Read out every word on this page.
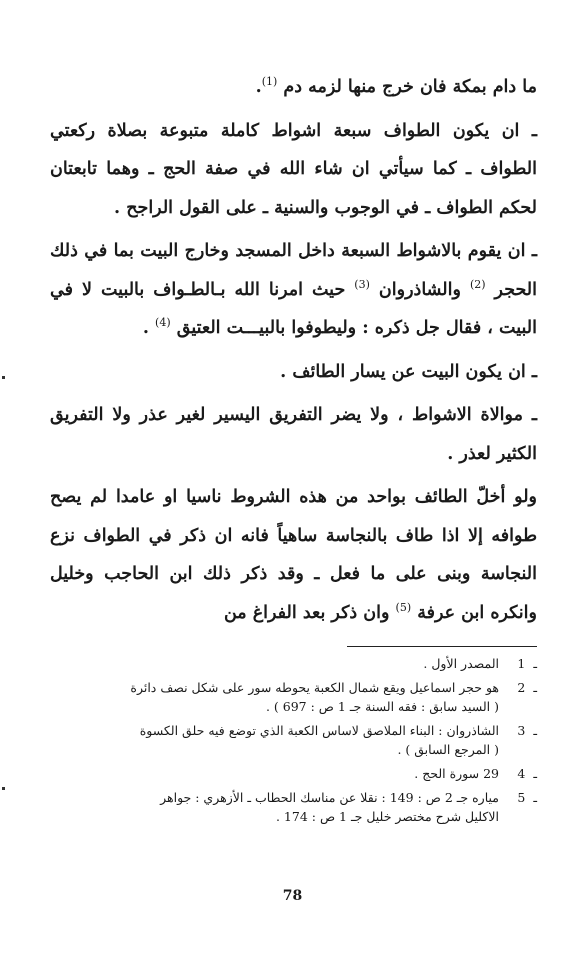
ما دام بمكة فان خرج منها لزمه دم $^{(1)}$.

ـ ان يكون الطواف سبعة اشواط كاملة متبوعة بصلاة ركعتي الطواف ـ كما سيأتي ان شاء الله في صفة الحج ـ وهما تابعتان لحكم الطواف ـ في الوجوب والسنية ـ على القول الراجح .

ـ ان يقوم بالاشواط السبعة داخل المسجد وخارج البيت بما في ذلك الحجر $^{(2)}$ والشاذروان $^{(3)}$ حيث امرنا الله بـالطـواف بالبيت لا في البيت ، فقال جل ذكره : وليطوفوا بالبيـــت العتيق $^{(4)}$ .

ـ ان يكون البيت عن يسار الطائف .

ـ موالاة الاشواط ، ولا يضر التفريق اليسير لغير عذر ولا التفريق الكثير لعذر .

ولو أخلّ الطائف بواحد من هذه الشروط ناسيا او عامدا لم يصح طوافه إلا اذا طاف بالنجاسة ساهياً فانه ان ذكر في الطواف نزع النجاسة وبنى على ما فعل ـ وقد ذكر ذلك ابن الحاجب وخليل وانكره ابن عرفة $^{(5)}$ وان ذكر بعد الفراغ من

1 ـ
المصدر الأول .
2 ـ
هو حجر اسماعيل ويقع شمال الكعبة يحوطه سور على شكل نصف دائرة
( السيد سابق : فقه السنة جـ 1 ص : 697 ) .
3 ـ
الشاذروان : البناء الملاصق لاساس الكعبة الذي توضع فيه حلق الكسوة
( المرجع السابق ) .
4 ـ
29 سورة الحج .
5 ـ
مياره جـ 2 ص : 149 : نقلا عن مناسك الحطاب ـ الأزهري : جواهر
الاكليل شرح مختصر خليل جـ 1 ص : 174 .
78
